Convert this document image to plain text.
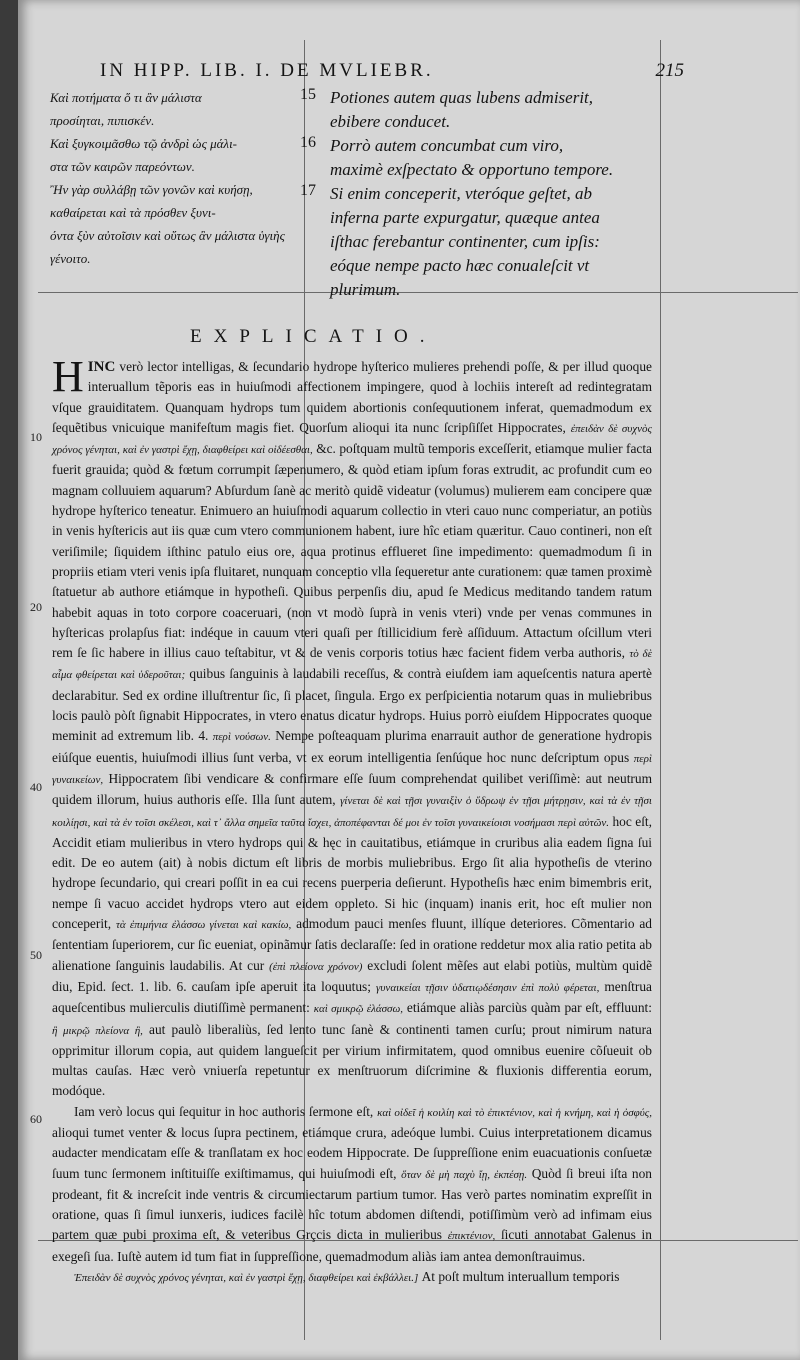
IN HIPP. LIB. I. DE MVLIEBR.	215

Καὶ ποτήματα ὅ τι ἂν μάλιστα

προσίηται, πιπισκέν.

Καὶ ξυγκοιμᾶσθω τῷ ἀνδρὶ ὡς μάλι-

στα τῶν καιρῶν παρεόντων.

Ἢν γὰρ συλλάβῃ τῶν γονῶν καὶ κυήσῃ,

καθαίρεται καὶ τὰ πρόσθεν ξυνι-

όντα ξὺν αὐτοῖσιν καὶ οὕτως ἂν μάλιστα ὑγιὴς

γένοιτο.

15
16
17

Potiones autem quas lubens admiserit,

ebibere conducet.

Porrò autem concumbat cum viro,

maximè exſpectato & opportuno tempore.

Si enim conceperit, vteróque geſtet, ab

inferna parte expurgatur, quæque antea

iſthac ferebantur continenter, cum ipſis:

eóque nempe pacto hæc conualeſcit vt

plurimum.

EXPLICATIO.
10
20
40
50
60

H INC verò lector intelligas, & ſecundario hydrope hyſterico mulieres prehendi poſſe, & per illud quoque interuallum tẽporis eas in huiuſmodi affectionem impingere, quod à lochiis intereſt ad redintegratam vſque grauiditatem. Quanquam hydrops tum quidem abortionis conſequutionem inferat, quemadmodum ex ſequẽtibus vnicuique manifeſtum magis fiet. Quorſum alioqui ita nunc ſcripſiſſet Hippocrates, ἐπειδὰν δὲ συχνὸς χρόνος γένηται, καὶ ἐν γαστρὶ ἔχῃ, διαφθείρει καὶ οἰδέεσθαι, &c. poſtquam multũ temporis exceſſerit, etiamque mulier facta fuerit grauida; quòd & fœtum corrumpit ſæpenumero, & quòd etiam ipſum foras extrudit, ac profundit cum eo magnam colluuiem aquarum? Abſurdum ſanè ac meritò quidẽ videatur (volumus) mulierem eam concipere quæ hydrope hyſterico teneatur. Enimuero an huiuſmodi aquarum collectio in vteri cauo nunc comperiatur, an potiùs in venis hyſtericis aut iis quæ cum vtero communionem habent, iure hîc etiam quæritur. Cauo contineri, non eſt veriſimile; ſiquidem iſthinc patulo eius ore, aqua protinus efflueret ſine impedimento: quemadmodum ſi in propriis etiam vteri venis ipſa fluitaret, nunquam conceptio vlla ſequeretur ante curationem: quæ tamen proximè ſtatuetur ab authore etiámque in hypotheſi. Quibus perpenſis diu, apud ſe Medicus meditando tandem ratum habebit aquas in toto corpore coaceruari, (non vt modò ſuprà in venis vteri) vnde per venas communes in hyſtericas prolapſus fiat: indéque in cauum vteri quaſi per ſtillicidium ferè aſſiduum. Attactum oſcillum vteri rem ſe ſic habere in illius cauo teſtabitur, vt & de venis corporis totius hæc facient fidem verba authoris, τὸ δὲ αἷμα φθείρεται καὶ ὑδεροῦται; quibus ſanguinis à laudabili receſſus, & contrà eiuſdem iam aqueſcentis natura apertè declarabitur. Sed ex ordine illuſtrentur ſic, ſi placet, ſingula. Ergo ex perſpicientia notarum quas in muliebribus locis paulò pòſt ſignabit Hippocrates, in vtero enatus dicatur hydrops. Huius porrò eiuſdem Hippocrates quoque meminit ad extremum lib. 4. περὶ νούσων. Nempe poſteaquam plurima enarrauit author de generatione hydropis eiúſque euentis, huiuſmodi illius ſunt verba, vt ex eorum intelligentia ſenſúque hoc nunc deſcriptum opus περὶ γυναικείων, Hippocratem ſibi vendicare & confirmare eſſe ſuum comprehendat quilibet veriſſimè: aut neutrum quidem illorum, huius authoris eſſe. Illa ſunt autem, γίνεται δὲ καὶ τῇσι γυναιξὶν ὁ ὕδρωψ ἐν τῇσι μήτρῃσιν, καὶ τὰ ἐν τῇσι κοιλίῃσι, καὶ τὰ ἐν τοῖσι σκέλεσι, καὶ τ᾽ ἄλλα σημεῖα ταῦτα ἴσχει, ἀποπέφανται δέ μοι ἐν τοῖσι γυναικείοισι νοσήμασι περὶ αὐτῶν. hoc eſt, Accidit etiam mulieribus in vtero hydrops qui & hęc in cauitatibus, etiámque in cruribus alia eadem ſigna ſui edit. De eo autem (ait) à nobis dictum eſt libris de morbis muliebribus. Ergo ſit alia hypotheſis de vterino hydrope ſecundario, qui creari poſſit in ea cui recens puerperia deſierunt. Hypotheſis hæc enim bimembris erit, nempe ſi vacuo accidet hydrops vtero aut eidem oppleto. Si hic (inquam) inanis erit, hoc eſt mulier non conceperit, τὰ ἐπιμήνια ἐλάσσω γίνεται καὶ κακίω, admodum pauci menſes fluunt, illíque deteriores. Cõmentario ad ſententiam ſuperiorem, cur ſic eueniat, opinãmur ſatis declaraſſe: ſed in oratione reddetur mox alia ratio petita ab alienatione ſanguinis laudabilis. At cur (ἐπὶ πλείονα χρόνον) excludi ſolent mẽſes aut elabi potiùs, multùm quidẽ diu, Epid. ſect. 1. lib. 6. cauſam ipſe aperuit ita loquutus; γυναικείαι τῇσιν ὑδατιῳδέσησιν ἐπὶ πολὺ φέρεται, menſtrua aqueſcentibus mulierculis diutiſſimè permanent: καὶ σμικρῷ ἐλάσσω, etiámque aliàs parciùs quàm par eſt, effluunt: ἢ μικρῷ πλείονα ἢ, aut paulò liberaliùs, ſed lento tunc ſanè & continenti tamen curſu; prout nimirum natura opprimitur illorum copia, aut quidem langueſcit per virium infirmitatem, quod omnibus euenire cõſueuit ob multas cauſas. Hæc verò vniuerſa repetuntur ex menſtruorum diſcrimine & fluxionis differentia eorum, modóque.

Iam verò locus qui ſequitur in hoc authoris ſermone eſt, καὶ οἰδεῖ ἡ κοιλίη καὶ τὸ ἐπικτένιον, καὶ ἡ κνήμη, καὶ ἡ ὀσφύς, alioqui tumet venter & locus ſupra pectinem, etiámque crura, adeóque lumbi. Cuius interpretationem dicamus audacter mendicatam eſſe & tranſlatam ex hoc eodem Hippocrate. De ſuppreſſione enim euacuationis conſuetæ ſuum tunc ſermonem inſtituiſſe exiſtimamus, qui huiuſmodi eſt, ὅταν δὲ μὴ παχὺ ἴῃ, ἐκπέσῃ. Quòd ſi breui iſta non prodeant, fit & increſcit inde ventris & circumiectarum partium tumor. Has verò partes nominatim expreſſit in oratione, quas ſi ſimul iunxeris, iudices facilè hîc totum abdomen diſtendi, potiſſimùm verò ad infimam eius partem quæ pubi proxima eſt, & veteribus Grçcis dicta in mulieribus ἐπικτένιον, ſicuti annotabat Galenus in exegeſi ſua. Iuſtè autem id tum fiat in ſuppreſſione, quemadmodum aliàs iam antea demonſtrauimus.

Ἐπειδὰν δὲ συχνὸς χρόνος γένηται, καὶ ἐν γαστρὶ ἔχῃ, διαφθείρει καὶ ἐκβάλλει.] At poſt multum interuallum temporis
